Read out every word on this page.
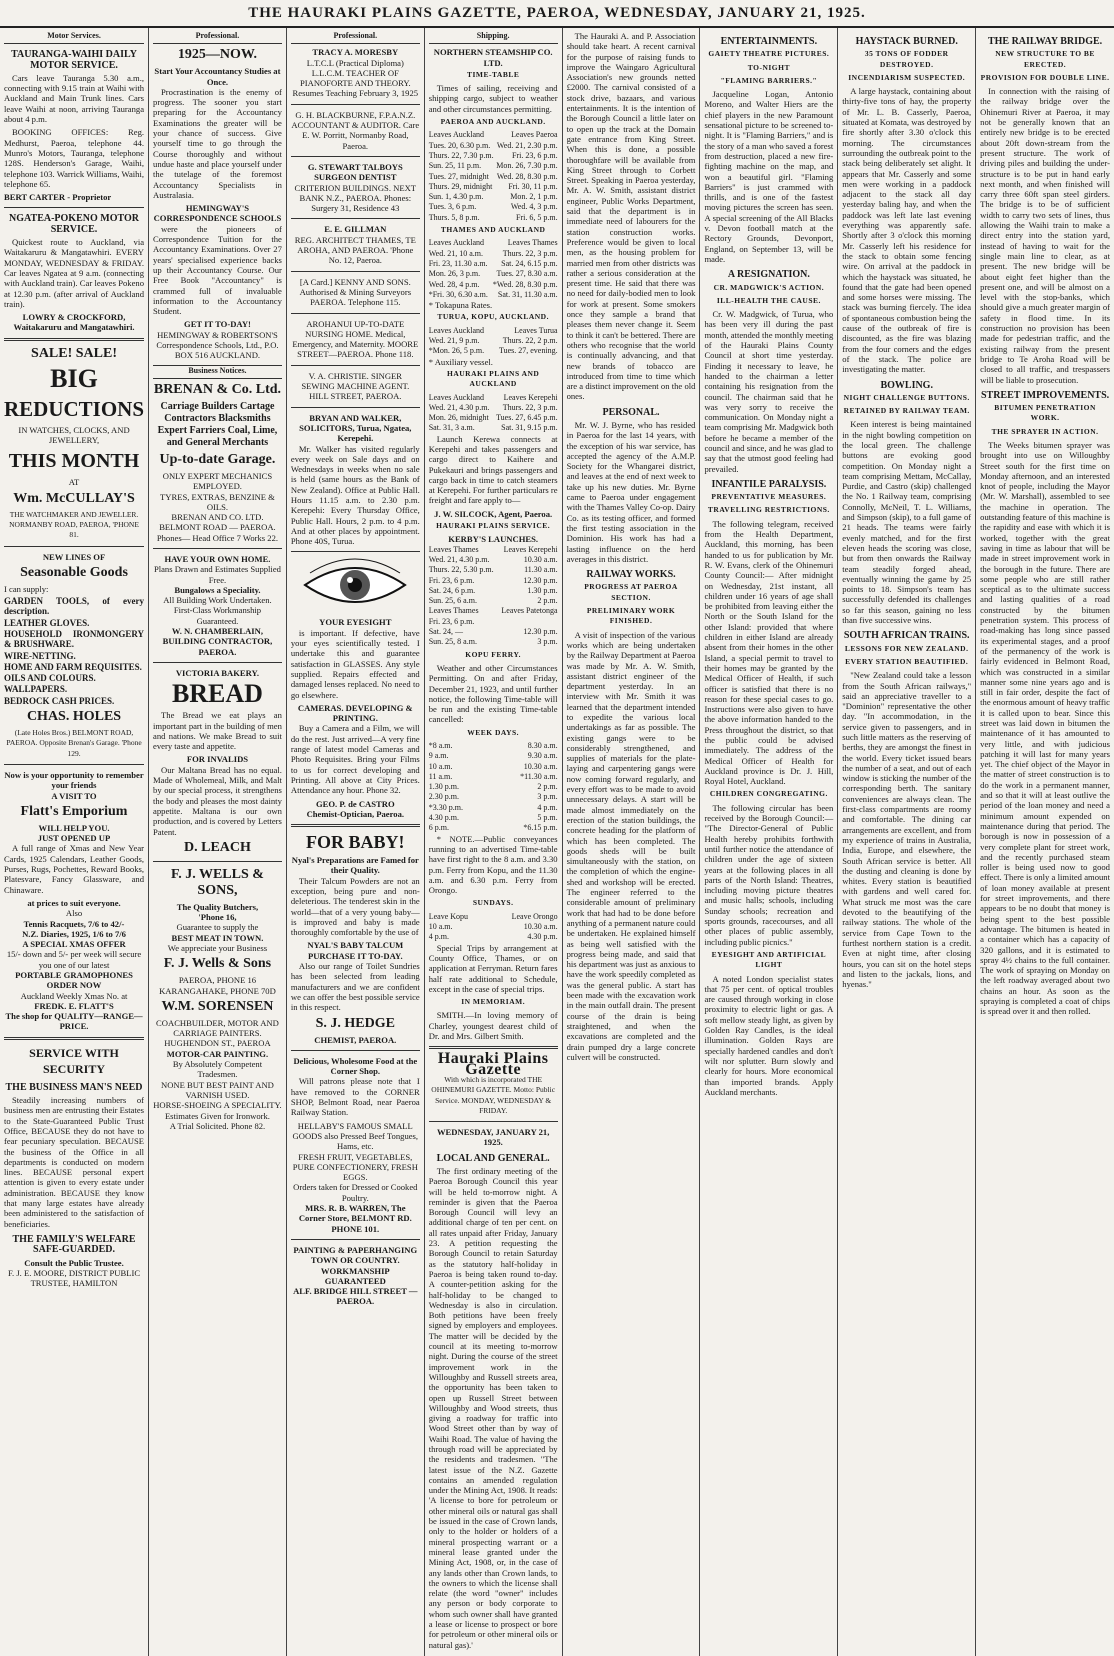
THE HAURAKI PLAINS GAZETTE, PAEROA, WEDNESDAY, JANUARY 21, 1925.
Motor Services.
TAURANGA-WAIHI DAILY MOTOR SERVICE.

Cars leave Tauranga 5.30 a.m., connecting with 9.15 train at Waihi with Auckland and Main Trunk lines. Cars leave Waihi at noon, arriving Tauranga about 4 p.m.

BOOKING OFFICES: Reg. Medhurst, Paeroa, telephone 44. Munro's Motors, Tauranga, telephone 128S. Henderson's Garage, Waihi, telephone 103. Warrick Williams, Waihi, telephone 65.

BERT CARTER - Proprietor
NGATEA-POKENO MOTOR SERVICE.

Quickest route to Auckland, via Waitakaruru & Mangatawhiri. EVERY MONDAY, WEDNESDAY & FRIDAY. Car leaves Ngatea at 9 a.m. (connecting with Auckland train). Car leaves Pokeno at 12.30 p.m. (after arrival of Auckland train).

LOWRY & CROCKFORD, Waitakaruru and Mangatawhiri.
SALE! SALE!
BIG
REDUCTIONS
IN WATCHES, CLOCKS, AND JEWELLERY,
THIS MONTH
AT
Wm. McCULLAY'S
THE WATCHMAKER AND JEWELLER. NORMANBY ROAD, PAEROA, 'PHONE 81.
NEW LINES OF
Seasonable Goods
I can supply:
GARDEN TOOLS, of every description.
LEATHER GLOVES.
HOUSEHOLD IRONMONGERY & BRUSHWARE.
WIRE-NETTING.
HOME AND FARM REQUISITES.
OILS AND COLOURS.
WALLPAPERS.
BEDROCK CASH PRICES.
CHAS. HOLES
(Late Holes Bros.) BELMONT ROAD, PAEROA. Opposite Brenan's Garage. 'Phone 129.
Now is your opportunity to remember your friends
A VISIT TO
Flatt's Emporium
WILL HELP YOU.
JUST OPENED UP

A full range of Xmas and New Year Cards, 1925 Calendars, Leather Goods, Purses, Rugs, Pochettes, Reward Books, Platesvare, Fancy Glassware, and Chinaware.

at prices to suit everyone.
Also
Tennis Racquets, 7/6 to 42/-
N.Z. Diaries, 1925, 1/6 to 7/6
A SPECIAL XMAS OFFER
15/- down and 5/- per week will secure you one of our latest
PORTABLE GRAMOPHONES
ORDER NOW
Auckland Weekly Xmas No. at
FREDK. E. FLATT'S
The shop for QUALITY—RANGE—PRICE.
SERVICE WITH SECURITY
THE BUSINESS MAN'S NEED

Steadily increasing numbers of business men are entrusting their Estates to the State-Guaranteed Public Trust Office, BECAUSE they do not have to fear pecuniary speculation. BECAUSE the business of the Office in all departments is conducted on modern lines. BECAUSE personal expert attention is given to every estate under administration. BECAUSE they know that many large estates have already been administered to the satisfaction of beneficiaries.

THE FAMILY'S WELFARE SAFE-GUARDED.
Consult the Public Trustee.
F. J. E. MOORE, DISTRICT PUBLIC TRUSTEE, HAMILTON
Professional.
1925—NOW.
Start Your Accountancy Studies at Once.

Procrastination is the enemy of progress. The sooner you start preparing for the Accountancy Examinations the greater will be your chance of success. Give yourself time to go through the Course thoroughly and without undue haste and place yourself under the tutelage of the foremost Accountancy Specialists in Australasia.

HEMINGWAY'S CORRESPONDENCE SCHOOLS

were the pioneers of Correspondence Tuition for the Accountancy Examinations. Over 27 years' specialised experience backs up their Accountancy Course. Our Free Book "Accountancy" is crammed full of invaluable information to the Accountancy Student.

GET IT TO-DAY!
HEMINGWAY & ROBERTSON'S Correspondence Schools, Ltd., P.O. BOX 516 AUCKLAND.
Business Notices.
BRENAN & Co. Ltd.
Carriage Builders Cartage Contractors Blacksmiths Expert Farriers Coal, Lime, and General Merchants
Up-to-date Garage.
ONLY EXPERT MECHANICS EMPLOYED.
TYRES, EXTRAS, BENZINE & OILS.
BRENAN AND CO. LTD. BELMONT ROAD — PAEROA. Phones— Head Office 7 Works 22.
HAVE YOUR OWN HOME.
Plans Drawn and Estimates Supplied Free.
Bungalows a Speciality.
All Building Work Undertaken. First-Class Workmanship Guaranteed.
W. N. CHAMBERLAIN, BUILDING CONTRACTOR, PAEROA.
VICTORIA BAKERY.
BREAD

The Bread we eat plays an important part in the building of men and nations. We make Bread to suit every taste and appetite.

FOR INVALIDS

Our Maltana Bread has no equal. Made of Wholemeal, Milk, and Malt by our special process, it strengthens the body and pleases the most dainty appetite. Maltana is our own production, and is covered by Letters Patent.

D. LEACH
F. J. WELLS & SONS,
The Quality Butchers,
'Phone 16,
Guarantee to supply the
BEST MEAT IN TOWN.
We appreciate your Business
F. J. Wells & Sons
PAEROA, PHONE 16 KARANGAHAKE, PHONE 70D
W.M. SORENSEN
COACHBUILDER, MOTOR AND CARRIAGE PAINTERS. HUGHENDON ST., PAEROA
MOTOR-CAR PAINTING.
By Absolutely Competent Tradesmen.
NONE BUT BEST PAINT AND VARNISH USED.
HORSE-SHOEING A SPECIALITY.
Estimates Given for Ironwork.
A Trial Solicited. Phone 82.
Professional.
TRACY A. MORESBY
L.T.C.L (Practical Diploma) L.L.C.M. TEACHER OF PIANOFORTE AND THEORY.
Resumes Teaching February 3, 1925
G. H. BLACKBURNE, F.P.A.N.Z. ACCOUNTANT & AUDITOR. Care E. W. Porritt, Normanby Road, Paeroa.
G. STEWART TALBOYS SURGEON DENTIST
CRITERION BUILDINGS. NEXT BANK N.Z., PAEROA. Phones: Surgery 31, Residence 43
E. E. GILLMAN
REG. ARCHITECT THAMES, TE AROHA, AND PAEROA. 'Phone No. 12, Paeroa.
[A Card.] KENNY AND SONS. Authorised & Mining Surveyors PAEROA. Telephone 115.
AROHANUI UP-TO-DATE NURSING HOME. Medical, Emergency, and Maternity. MOORE STREET—PAEROA. Phone 118.
V. A. CHRISTIE. SINGER SEWING MACHINE AGENT. HILL STREET, PAEROA.
BRYAN AND WALKER, SOLICITORS, Turua, Ngatea, Kerepehi.

Mr. Walker has visited regularly every week on Sale days and on Wednesdays in weeks when no sale is held (same hours as the Bank of New Zealand). Office at Public Hall. Hours 11.15 a.m. to 2.30 p.m. Kerepehi: Every Thursday Office, Public Hall. Hours, 2 p.m. to 4 p.m. And at other places by appointment. Phone 40S, Turua.

YOUR EYESIGHT

is important. If defective, have your eyes scientifically tested. I undertake this and guarantee satisfaction in GLASSES. Any style supplied. Repairs effected and damaged lenses replaced. No need to go elsewhere.

CAMERAS. DEVELOPING & PRINTING.

Buy a Camera and a Film, we will do the rest. Just arrived—A very fine range of latest model Cameras and Photo Requisites. Bring your Films to us for correct developing and Printing. All above at City Prices. Attendance any hour. Phone 32.

GEO. P. de CASTRO
Chemist-Optician, Paeroa.
FOR BABY!
Nyal's Preparations are Famed for their Quality.

Their Talcum Powders are not an exception, being pure and non-deleterious. The tenderest skin in the world—that of a very young baby—is improved and baby is made thoroughly comfortable by the use of

NYAL'S BABY TALCUM
PURCHASE IT TO-DAY.

Also our range of Toilet Sundries has been selected from leading manufacturers and we are confident we can offer the best possible service in this respect.

S. J. HEDGE
CHEMIST, PAEROA.
Delicious, Wholesome Food at the Corner Shop.

Will patrons please note that I have removed to the CORNER SHOP, Belmont Road, near Paeroa Railway Station.

HELLABY'S FAMOUS SMALL GOODS also Pressed Beef Tongues, Hams, etc.
FRESH FRUIT, VEGETABLES, PURE CONFECTIONERY, FRESH EGGS.
Orders taken for Dressed or Cooked Poultry.
MRS. R. B. WARREN, The Corner Store, BELMONT RD. PHONE 101.
PAINTING & PAPERHANGING TOWN OR COUNTRY. WORKMANSHIP GUARANTEED
ALF. BRIDGE HILL STREET — PAEROA.
Shipping.
NORTHERN STEAMSHIP CO. LTD.
TIME-TABLE

Times of sailing, receiving and shipping cargo, subject to weather and other circumstances permitting.

PAEROA AND AUCKLAND.
Leaves Auckland	Leaves Paeroa
Tues. 20, 6.30 p.m. Wed. 21, 2.30 p.m.
Thurs. 22, 7.30 p.m. Fri. 23, 6 p.m.
Sun. 25, 11 p.m. Mon. 26, 7.30 p.m.
Tues. 27, midnight Wed. 28, 8.30 p.m.
Thurs. 29, midnight Fri. 30, 11 p.m.
Sun. 1, 4.30 p.m.	Mon. 2, 1 p.m.
Tues. 3, 6 p.m.	Wed. 4, 3 p.m.
Thurs. 5, 8 p.m.	Fri. 6, 5 p.m.
THAMES AND AUCKLAND
Leaves Auckland	Leaves Thames
Wed. 21, 10 a.m. Thurs. 22, 3 p.m.
Fri. 23, 11.30 a.m. Sat. 24, 6.15 p.m.
Mon. 26, 3 p.m. Tues. 27, 8.30 a.m.
Wed. 28, 4 p.m. *Wed. 28, 8.30 p.m.
*Fri. 30, 6.30 a.m. Sat. 31, 11.30 a.m.
* Tokapuna Rates.
TURUA, KOPU, AUCKLAND.
Leaves Auckland	Leaves Turua
Wed. 21, 9 p.m.	Thurs. 22, 2 p.m.
*Mon. 26, 5 p.m. Tues. 27, evening.
* Auxiliary vessel.
HAURAKI PLAINS AND AUCKLAND
Leaves Auckland Leaves Kerepehi
Wed. 21, 4.30 p.m. Thurs. 22, 3 p.m.
Mon. 26, midnight Tues. 27, 6.45 p.m.
Sat. 31, 3 a.m.	Sat. 31, 9.15 p.m.

Launch Kerewa connects at Kerepehi and takes passengers and cargo direct to Kaihere and Pukekauri and brings passengers and cargo back in time to catch steamers at Kerepehi. For further particulars re freight and fare apply to—

J. W. SILCOCK, Agent, Paeroa.
HAURAKI PLAINS SERVICE.
KERBY'S LAUNCHES.
Leaves Thames	Leaves Kerepehi
Wed. 21, 4.30 p.m.	10.30 a.m.
Thurs. 22, 5.30 p.m.	11.30 a.m.
Fri. 23, 6 p.m.	12.30 p.m.
Sat. 24, 6 p.m.	1.30 p.m.
Sun. 25, 6 a.m.	2 p.m.
Leaves Thames	Leaves Patetonga
Fri. 23, 6 p.m.
Sat. 24, —	12.30 p.m.
Sun. 25, 8 a.m.	3 p.m.
KOPU FERRY.

Weather and other Circumstances Permitting. On and after Friday, December 21, 1923, and until further notice, the following Time-table will be run and the existing Time-table cancelled:

WEEK DAYS.
*8 a.m.	8.30 a.m.
9 a.m.	9.30 a.m.
10 a.m.	10.30 a.m.
11 a.m.	*11.30 a.m.
1.30 p.m.	2 p.m.
2.30 p.m.	3 p.m.
*3.30 p.m.	4 p.m.
4.30 p.m.	5 p.m.
6 p.m.	*6.15 p.m.

* NOTE.—Public conveyances running to an advertised Time-table have first right to the 8 a.m. and 3.30 p.m. Ferry from Kopu, and the 11.30 a.m. and 6.30 p.m. Ferry from Orongo.

SUNDAYS.
Leave Kopu	Leave Orongo
10 a.m.	10.30 a.m.
4 p.m.	4.30 p.m.

Special Trips by arrangement at County Office, Thames, or on application at Ferryman. Return fares half rate additional to Schedule, except in the case of special trips.

IN MEMORIAM.

SMITH.—In loving memory of Charley, youngest dearest child of Dr. and Mrs. Gilbert Smith.

Hauraki Plains Gazette
With which is incorporated THE OHINEMURI GAZETTE. Motto: Public Service. MONDAY, WEDNESDAY & FRIDAY.
WEDNESDAY, JANUARY 21, 1925.
LOCAL AND GENERAL.

The first ordinary meeting of the Paeroa Borough Council this year will be held to-morrow night. A reminder is given that the Paeroa Borough Council will levy an additional charge of ten per cent. on all rates unpaid after Friday, January 23. A petition requesting the Borough Council to retain Saturday as the statutory half-holiday in Paeroa is being taken round to-day. A counter-petition asking for the half-holiday to be changed to Wednesday is also in circulation. Both petitions have been freely signed by employers and employees. The matter will be decided by the council at its meeting to-morrow night. During the course of the street improvement work in the Willoughby and Russell streets area, the opportunity has been taken to open up Russell Street between Willoughby and Wood streets, thus giving a roadway for traffic into Wood Street other than by way of Waihi Road. The value of having the through road will be appreciated by the residents and tradesmen. "The latest issue of the N.Z. Gazette contains an amended regulation under the Mining Act, 1908. It reads: 'A license to bore for petroleum or other mineral oils or natural gas shall be issued in the case of Crown lands, only to the holder or holders of a mineral prospecting warrant or a mineral lease granted under the Mining Act, 1908, or, in the case of any lands other than Crown lands, to the owners to which the license shall relate (the word "owner" includes any person or body corporate to whom such owner shall have granted a lease or license to prospect or bore for petroleum or other mineral oils or natural gas).'

The Hauraki A. and P. Association should take heart. A recent carnival for the purpose of raising funds to improve the Waingaro Agricultural Association's new grounds netted £2000. The carnival consisted of a stock drive, bazaars, and various entertainments. It is the intention of the Borough Council a little later on to open up the track at the Domain gate entrance from King Street. When this is done, a possible thoroughfare will be available from King Street through to Corbett Street. Speaking in Paeroa yesterday, Mr. A. W. Smith, assistant district engineer, Public Works Department, said that the department is in immediate need of labourers for the station construction works. Preference would be given to local men, as the housing problem for married men from other districts was rather a serious consideration at the present time. He said that there was no need for daily-bodied men to look for work at present. Some smokers once they sample a brand that pleases them never change it. Seem to think it can't be bettered. There are others who recognise that the world is continually advancing, and that new brands of tobacco are introduced from time to time which are a distinct improvement on the old ones.

PERSONAL.

Mr. W. J. Byrne, who has resided in Paeroa for the last 14 years, with the exception of his war service, has accepted the agency of the A.M.P. Society for the Whangarei district, and leaves at the end of next week to take up his new duties. Mr. Byrne came to Paeroa under engagement with the Thames Valley Co-op. Dairy Co. as its testing officer, and formed the first testing association in the Dominion. His work has had a lasting influence on the herd averages in this district.

RAILWAY WORKS.
PROGRESS AT PAEROA SECTION.
PRELIMINARY WORK FINISHED.

A visit of inspection of the various works which are being undertaken by the Railway Department at Paeroa was made by Mr. A. W. Smith, assistant district engineer of the department yesterday. In an interview with Mr. Smith it was learned that the department intended to expedite the various local undertakings as far as possible. The existing gangs were to be considerably strengthened, and supplies of materials for the plate-laying and carpentering gangs were now coming forward regularly, and every effort was to be made to avoid unnecessary delays. A start will be made almost immediately on the erection of the station buildings, the concrete heading for the platform of which has been completed. The goods sheds will be built simultaneously with the station, on the completion of which the engine-shed and workshop will be erected. The engineer referred to the considerable amount of preliminary work that had had to be done before anything of a permanent nature could be undertaken. He explained himself as being well satisfied with the progress being made, and said that his department was just as anxious to have the work speedily completed as was the general public. A start has been made with the excavation work in the main outfall drain. The present course of the drain is being straightened, and when the excavations are completed and the drain pumped dry a large concrete culvert will be constructed.

ENTERTAINMENTS.
GAIETY THEATRE PICTURES.
TO-NIGHT
"FLAMING BARRIERS."

Jacqueline Logan, Antonio Moreno, and Walter Hiers are the chief players in the new Paramount sensational picture to be screened to-night. It is "Flaming Barriers," and is the story of a man who saved a forest from destruction, placed a new fire-fighting machine on the map, and won a beautiful girl. "Flaming Barriers" is just crammed with thrills, and is one of the fastest moving pictures the screen has seen. A special screening of the All Blacks v. Devon football match at the Rectory Grounds, Devonport, England, on September 13, will be made.

A RESIGNATION.
CR. MADGWICK'S ACTION.
ILL-HEALTH THE CAUSE.

Cr. W. Madgwick, of Turua, who has been very ill during the past month, attended the monthly meeting of the Hauraki Plains County Council at short time yesterday. Finding it necessary to leave, he handed to the chairman a letter containing his resignation from the council. The chairman said that he was very sorry to receive the communication. On Monday night a team comprising Mr. Madgwick both before he became a member of the council and since, and he was glad to say that the utmost good feeling had prevailed.

INFANTILE PARALYSIS.
PREVENTATIVE MEASURES.
TRAVELLING RESTRICTIONS.

The following telegram, received from the Health Department, Auckland, this morning, has been handed to us for publication by Mr. R. W. Evans, clerk of the Ohinemuri County Council:— After midnight on Wednesday, 21st instant, all children under 16 years of age shall be prohibited from leaving either the North or the South Island for the other Island: provided that where children in either Island are already absent from their homes in the other Island, a special permit to travel to their homes may be granted by the Medical Officer of Health, if such officer is satisfied that there is no reason for these special cases to go. Instructions were also given to have the above information handed to the Press throughout the district, so that the public could be advised immediately. The address of the Medical Officer of Health for Auckland province is Dr. J. Hill, Royal Hotel, Auckland.

CHILDREN CONGREGATING.

The following circular has been received by the Borough Council:— "The Director-General of Public Health hereby prohibits forthwith until further notice the attendance of children under the age of sixteen years at the following places in all parts of the North Island: Theatres, including moving picture theatres and music halls; schools, including Sunday schools; recreation and sports grounds, racecourses, and all other places of public assembly, including public picnics."

EYESIGHT AND ARTIFICIAL LIGHT

A noted London specialist states that 75 per cent. of optical troubles are caused through working in close proximity to electric light or gas. A soft mellow steady light, as given by Golden Ray Candles, is the ideal illumination. Golden Rays are specially hardened candles and don't wilt nor splutter. Burn slowly and clearly for hours. More economical than imported brands. Apply Auckland merchants.

HAYSTACK BURNED.
35 TONS OF FODDER DESTROYED.
INCENDIARISM SUSPECTED.

A large haystack, containing about thirty-five tons of hay, the property of Mr. L. B. Casserly, Paeroa, situated at Komata, was destroyed by fire shortly after 3.30 o'clock this morning. The circumstances surrounding the outbreak point to the stack being deliberately set alight. It appears that Mr. Casserly and some men were working in a paddock adjacent to the stack all day yesterday baling hay, and when the paddock was left late last evening everything was apparently safe. Shortly after 3 o'clock this morning Mr. Casserly left his residence for the stack to obtain some fencing wire. On arrival at the paddock in which the haystack was situated, he found that the gate had been opened and some horses were missing. The stack was burning fiercely. The idea of spontaneous combustion being the cause of the outbreak of fire is discounted, as the fire was blazing from the four corners and the edges of the stack. The police are investigating the matter.

BOWLING.
NIGHT CHALLENGE BUTTONS.
RETAINED BY RAILWAY TEAM.

Keen interest is being maintained in the night bowling competition on the local green. The challenge buttons are evoking good competition. On Monday night a team comprising Mettam, McCallay, Purdie, and Castro (skip) challenged the No. 1 Railway team, comprising Connolly, McNeil, T. L. Williams, and Simpson (skip), to a full game of 21 heads. The teams were fairly evenly matched, and for the first eleven heads the scoring was close, but from then onwards the Railway team steadily forged ahead, eventually winning the game by 25 points to 18. Simpson's team has successfully defended its challenges so far this season, gaining no less than five successive wins.

SOUTH AFRICAN TRAINS.
LESSONS FOR NEW ZEALAND.
EVERY STATION BEAUTIFIED.

"New Zealand could take a lesson from the South African railways," said an appreciative traveller to a "Dominion" representative the other day. "In accommodation, in the service given to passengers, and in such little matters as the reserving of berths, they are amongst the finest in the world. Every ticket issued bears the number of a seat, and out of each window is sticking the number of the corresponding berth. The sanitary conveniences are always clean. The first-class compartments are roomy and comfortable. The dining car arrangements are excellent, and from my experience of trains in Australia, India, Europe, and elsewhere, the South African service is better. All the dusting and cleaning is done by whites. Every station is beautified with gardens and well cared for. What struck me most was the care devoted to the beautifying of the railway stations. The whole of the service from Cape Town to the furthest northern station is a credit. Even at night time, after closing hours, you can sit on the hotel steps and listen to the jackals, lions, and hyenas."

THE RAILWAY BRIDGE.
NEW STRUCTURE TO BE ERECTED.
PROVISION FOR DOUBLE LINE.

In connection with the raising of the railway bridge over the Ohinemuri River at Paeroa, it may not be generally known that an entirely new bridge is to be erected about 20ft down-stream from the present structure. The work of driving piles and building the under-structure is to be put in hand early next month, and when finished will carry three 60ft span steel girders. The bridge is to be of sufficient width to carry two sets of lines, thus allowing the Waihi train to make a direct entry into the station yard, instead of having to wait for the single main line to clear, as at present. The new bridge will be about eight feet higher than the present one, and will be almost on a level with the stop-banks, which should give a much greater margin of safety in flood time. In its construction no provision has been made for pedestrian traffic, and the existing railway from the present bridge to Te Aroha Road will be closed to all traffic, and trespassers will be liable to prosecution.

STREET IMPROVEMENTS.
BITUMEN PENETRATION WORK.
THE SPRAYER IN ACTION.

The Weeks bitumen sprayer was brought into use on Willoughby Street south for the first time on Monday afternoon, and an interested knot of people, including the Mayor (Mr. W. Marshall), assembled to see the machine in operation. The outstanding feature of this machine is the rapidity and ease with which it is worked, together with the great saving in time as labour that will be made in street improvement work in the borough in the future. There are some people who are still rather sceptical as to the ultimate success and lasting qualities of a road constructed by the bitumen penetration system. This process of road-making has long since passed its experimental stages, and a proof of the permanency of the work is fairly evidenced in Belmont Road, which was constructed in a similar manner some nine years ago and is still in fair order, despite the fact of the enormous amount of heavy traffic it is called upon to bear. Since this street was laid down in bitumen the maintenance of it has amounted to very little, and with judicious patching it will last for many years yet. The chief object of the Mayor in the matter of street construction is to do the work in a permanent manner, and so that it will at least outlive the period of the loan money and need a minimum amount expended on maintenance during that period. The borough is now in possession of a very complete plant for street work, and the recently purchased steam roller is being used now to good effect. There is only a limited amount of loan money available at present for street improvements, and there appears to be no doubt that money is being spent to the best possible advantage. The bitumen is heated in a container which has a capacity of 320 gallons, and it is estimated to spray 4½ chains to the full container. The work of spraying on Monday on the left roadway averaged about two chains an hour. As soon as the spraying is completed a coat of chips is spread over it and then rolled.
